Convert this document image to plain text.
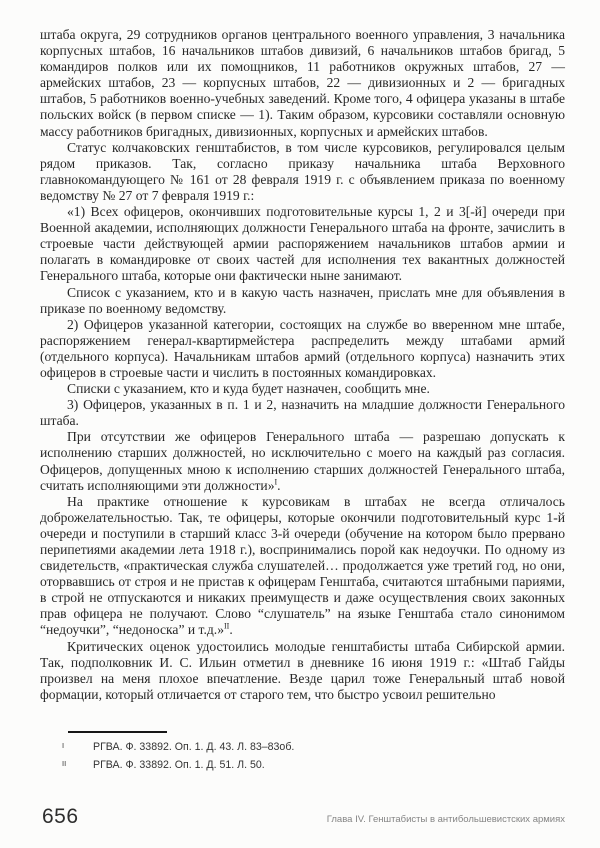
штаба округа, 29 сотрудников органов центрального военного управления, 3 начальника корпусных штабов, 16 начальников штабов дивизий, 6 начальников штабов бригад, 5 командиров полков или их помощников, 11 работников окружных штабов, 27 — армейских штабов, 23 — корпусных штабов, 22 — дивизионных и 2 — бригадных штабов, 5 работников военно-учебных заведений. Кроме того, 4 офицера указаны в штабе польских войск (в первом списке — 1). Таким образом, курсовики составляли основную массу работников бригадных, дивизионных, корпусных и армейских штабов.

Статус колчаковских генштабистов, в том числе курсовиков, регулировался целым рядом приказов. Так, согласно приказу начальника штаба Верховного главнокомандующего № 161 от 28 февраля 1919 г. с объявлением приказа по военному ведомству № 27 от 7 февраля 1919 г.:

«1) Всех офицеров, окончивших подготовительные курсы 1, 2 и 3[-й] очереди при Военной академии, исполняющих должности Генерального штаба на фронте, зачислить в строевые части действующей армии распоряжением начальников штабов армии и полагать в командировке от своих частей для исполнения тех вакантных должностей Генерального штаба, которые они фактически ныне занимают.

Список с указанием, кто и в какую часть назначен, прислать мне для объявления в приказе по военному ведомству.

2) Офицеров указанной категории, состоящих на службе во вверенном мне штабе, распоряжением генерал-квартирмейстера распределить между штабами армий (отдельного корпуса). Начальникам штабов армий (отдельного корпуса) назначить этих офицеров в строевые части и числить в постоянных командировках.

Списки с указанием, кто и куда будет назначен, сообщить мне.

3) Офицеров, указанных в п. 1 и 2, назначить на младшие должности Генерального штаба.

При отсутствии же офицеров Генерального штаба — разрешаю допускать к исполнению старших должностей, но исключительно с моего на каждый раз согласия. Офицеров, допущенных мною к исполнению старших должностей Генерального штаба, считать исполняющими эти должности»$^I$.

На практике отношение к курсовикам в штабах не всегда отличалось доброжелательностью. Так, те офицеры, которые окончили подготовительный курс 1-й очереди и поступили в старший класс 3-й очереди (обучение на котором было прервано перипетиями академии лета 1918 г.), воспринимались порой как недоучки. По одному из свидетельств, «практическая служба слушателей… продолжается уже третий год, но они, оторвавшись от строя и не пристав к офицерам Генштаба, считаются штабными париями, в строй не отпускаются и никаких преимуществ и даже осуществления своих законных прав офицера не получают. Слово “слушатель” на языке Генштаба стало синонимом “недоучки”, “недоноска” и т.д.»$^{II}$.

Критических оценок удостоились молодые генштабисты штаба Сибирской армии. Так, подполковник И. С. Ильин отметил в дневнике 16 июня 1919 г.: «Штаб Гайды произвел на меня плохое впечатление. Везде царил тоже Генеральный штаб новой формации, который отличается от старого тем, что быстро усвоил решительно

I	РГВА. Ф. 33892. Оп. 1. Д. 43. Л. 83–83об.

II	РГВА. Ф. 33892. Оп. 1. Д. 51. Л. 50.

656	Глава IV. Генштабисты в антибольшевистских армиях
